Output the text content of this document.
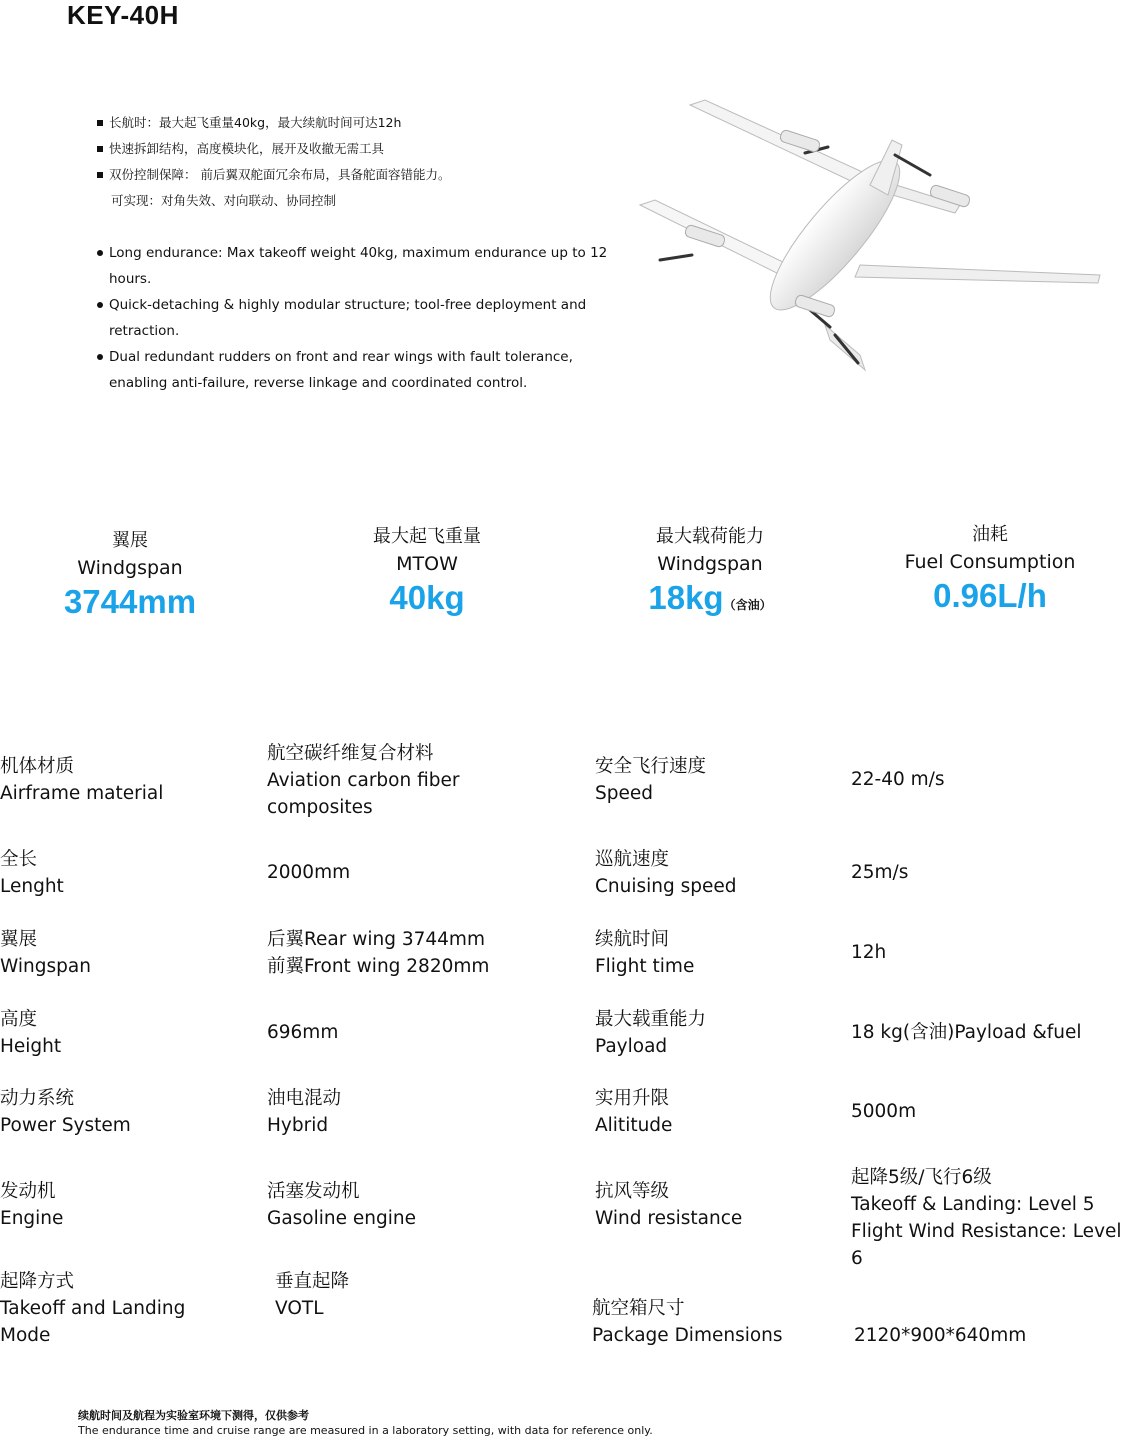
KEY-40H
长航时：最大起飞重量40kg，最大续航时间可达12h
快速拆卸结构，高度模块化，展开及收撤无需工具
双份控制保障： 前后翼双舵面冗余布局，具备舵面容错能力。
可实现：对角失效、对向联动、协同控制
Long endurance: Max takeoff weight 40kg, maximum endurance up to 12 hours.
Quick-detaching & highly modular structure; tool-free deployment and retraction.
Dual redundant rudders on front and rear wings with fault tolerance, enabling anti-failure, reverse linkage and coordinated control.
翼展
Windgspan
3744mm
最大起飞重量
MTOW
40kg
最大载荷能力
Windgspan
18kg（含油）
油耗
Fuel Consumption
0.96L/h
机体材质
Airframe material
航空碳纤维复合材料
Aviation carbon fiber
composites
安全飞行速度
Speed
22-40 m/s
全长
Lenght
2000mm
巡航速度
Cnuising speed
25m/s
翼展
Wingspan
后翼Rear wing 3744mm
前翼Front wing 2820mm
续航时间
Flight time
12h
高度
Height
696mm
最大载重能力
Payload
18 kg(含油)Payload &fuel
动力系统
Power System
油电混动
Hybrid
实用升限
Alititude
5000m
发动机
Engine
活塞发动机
Gasoline engine
抗风等级
Wind resistance
起降5级/飞行6级
Takeoff & Landing: Level 5
Flight Wind Resistance: Level 6
起降方式
Takeoff and Landing
Mode
垂直起降
VOTL	航空箱尺寸
Package Dimensions	2120*900*640mm
续航时间及航程为实验室环境下测得，仅供参考
The endurance time and cruise range are measured in a laboratory setting, with data for reference only.
